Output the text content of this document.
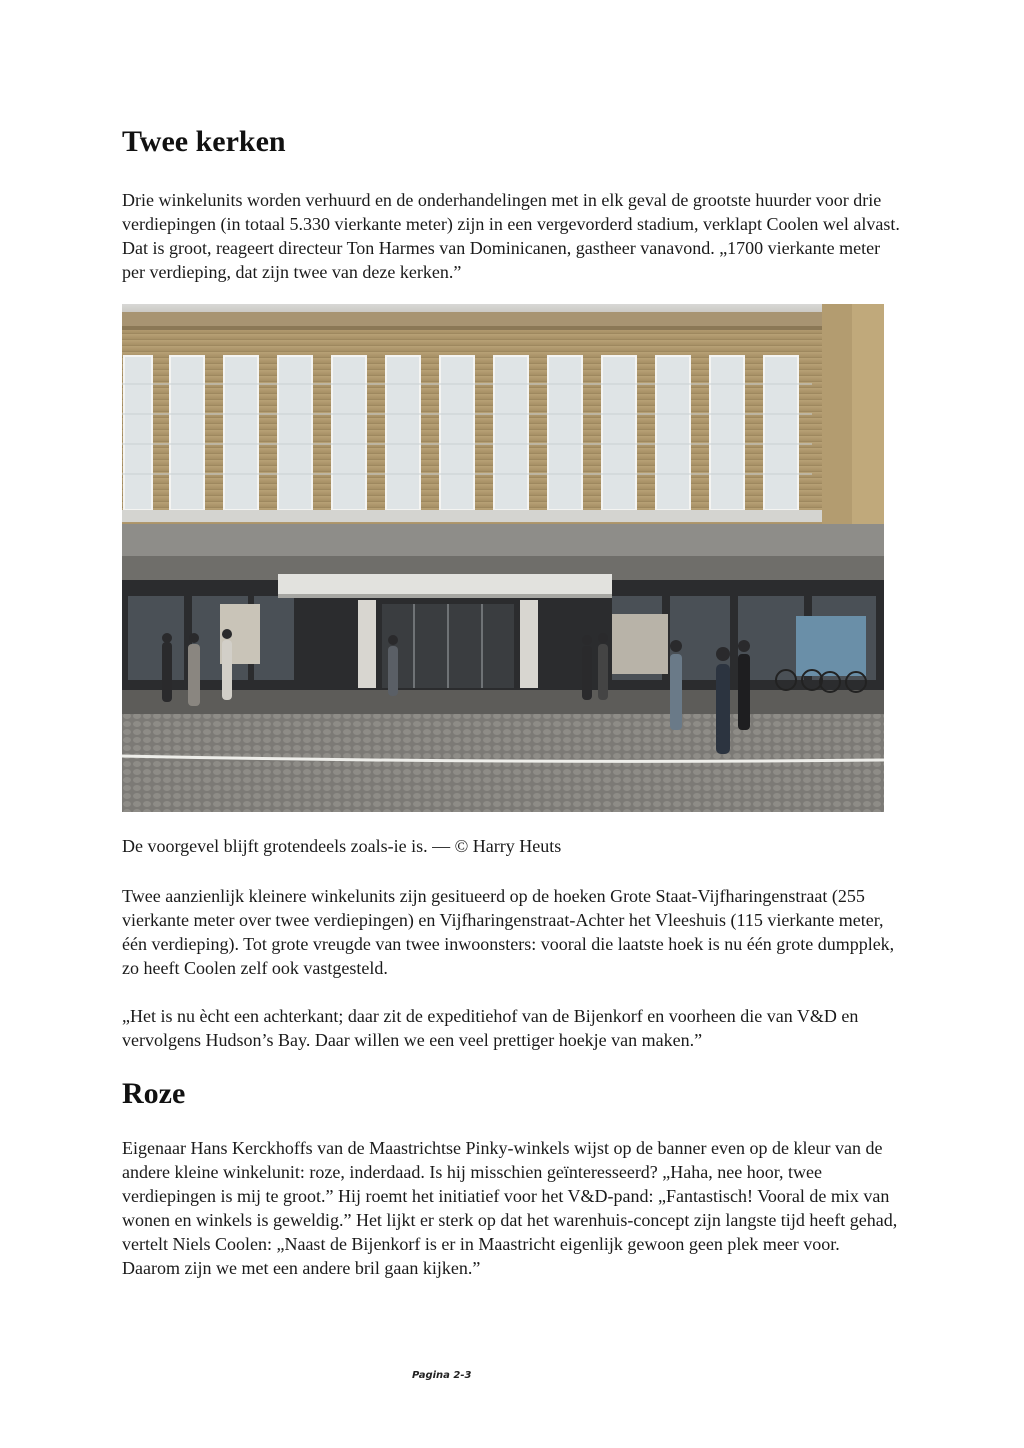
Twee kerken

Drie winkelunits worden verhuurd en de onderhandelingen met in elk geval de grootste huurder voor drie verdiepingen (in totaal 5.330 vierkante meter) zijn in een vergevorderd stadium, verklapt Coolen wel alvast. Dat is groot, reageert directeur Ton Harmes van Dominicanen, gastheer vanavond. „1700 vierkante meter per verdieping, dat zijn twee van deze kerken.”

De voorgevel blijft grotendeels zoals-ie is. — © Harry Heuts

Twee aanzienlijk kleinere winkelunits zijn gesitueerd op de hoeken Grote Staat-Vijfharingenstraat (255 vierkante meter over twee verdiepingen) en Vijfharingenstraat-Achter het Vleeshuis (115 vierkante meter, één verdieping). Tot grote vreugde van twee inwoonsters: vooral die laatste hoek is nu één grote dumpplek, zo heeft Coolen zelf ook vastgesteld.

„Het is nu ècht een achterkant; daar zit de expeditiehof van de Bijenkorf en voorheen die van V&D en vervolgens Hudson’s Bay. Daar willen we een veel prettiger hoekje van maken.”

Roze

Eigenaar Hans Kerckhoffs van de Maastrichtse Pinky-winkels wijst op de banner even op de kleur van de andere kleine winkelunit: roze, inderdaad. Is hij misschien geïnteresseerd? „Haha, nee hoor, twee verdiepingen is mij te groot.” Hij roemt het initiatief voor het V&D-pand: „Fantastisch! Vooral de mix van wonen en winkels is geweldig.” Het lijkt er sterk op dat het warenhuis-concept zijn langste tijd heeft gehad, vertelt Niels Coolen: „Naast de Bijenkorf is er in Maastricht eigenlijk gewoon geen plek meer voor. Daarom zijn we met een andere bril gaan kijken.”

Pagina 2-3
